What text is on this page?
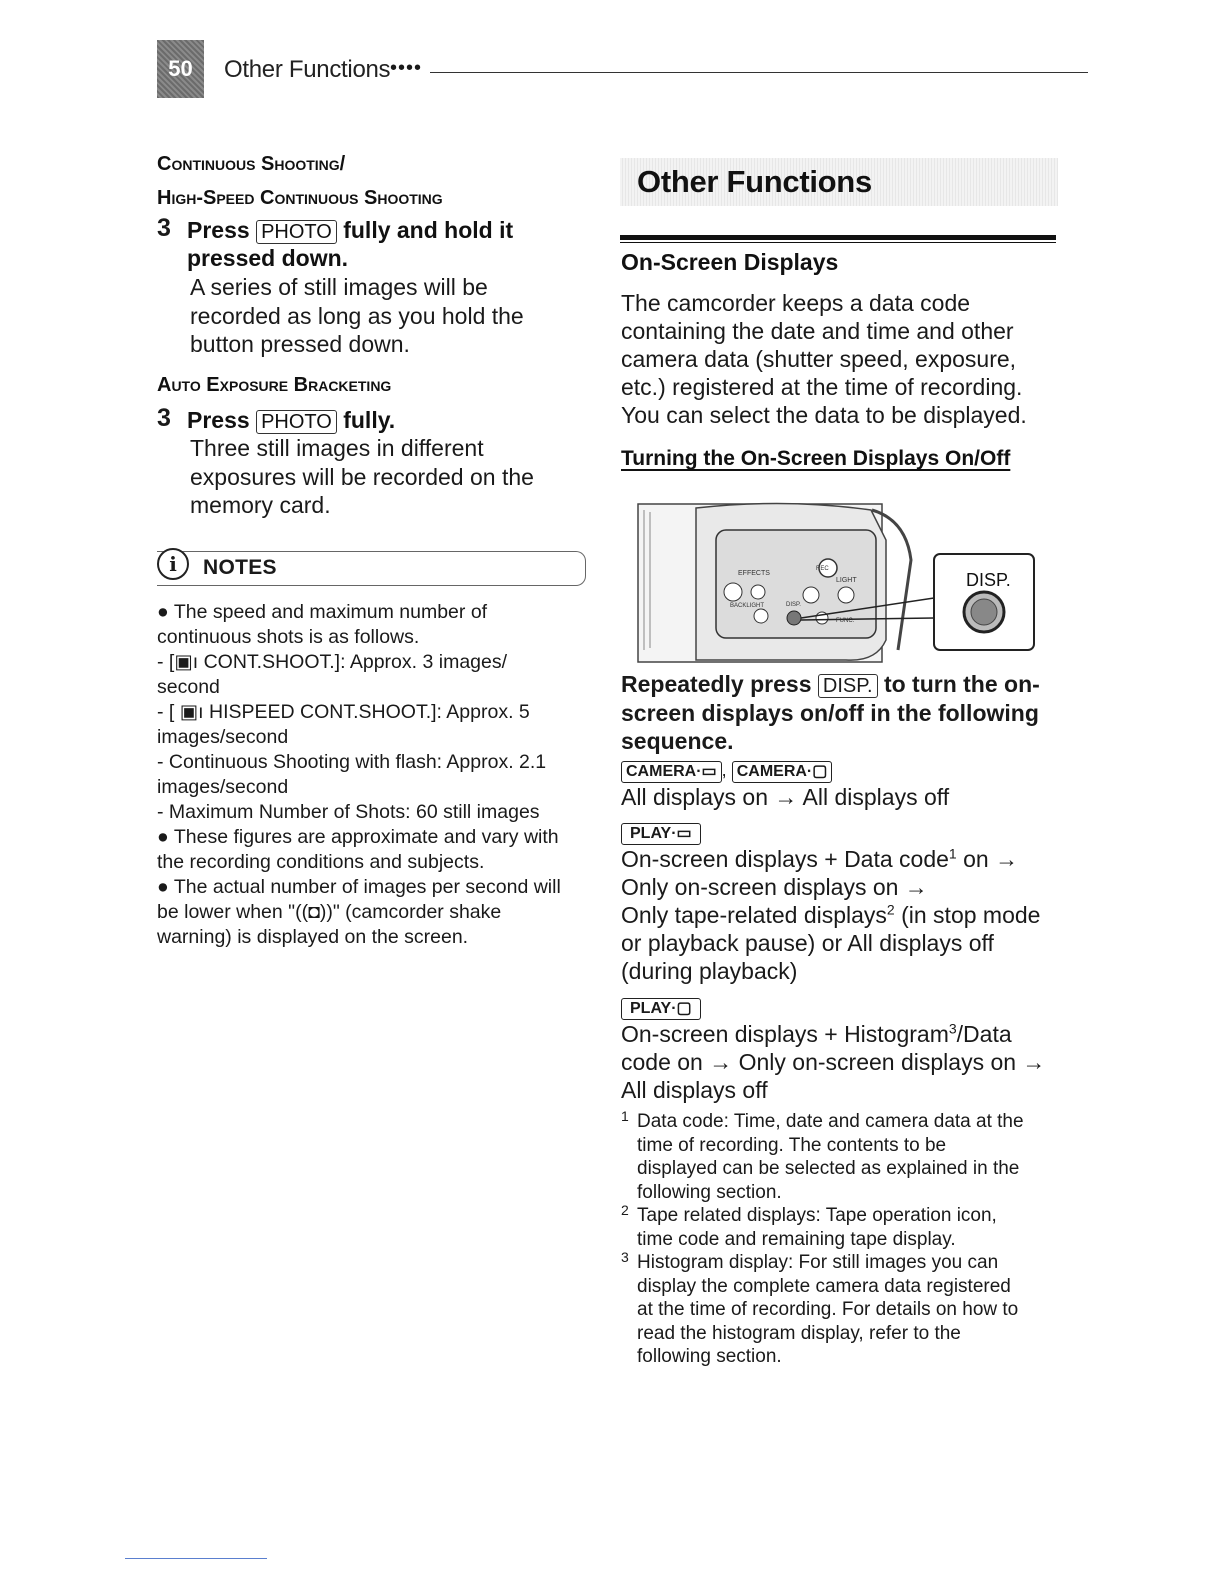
50 Other Functions ••••
Continuous Shooting/
High-Speed Continuous Shooting
3 Press PHOTO fully and hold it
pressed down.
A series of still images will be
recorded as long as you hold the
button pressed down.
Auto Exposure Bracketing
3 Press PHOTO fully.
Three still images in different
exposures will be recorded on the
memory card.
i	NOTES
● The speed and maximum number of
continuous shots is as follows.
- [▣ı CONT.SHOOT.]: Approx. 3 images/
second
- [ ▣ı HISPEED CONT.SHOOT.]: Approx. 5
images/second
- Continuous Shooting with flash: Approx. 2.1
images/second
- Maximum Number of Shots: 60 still images
● These figures are approximate and vary with
the recording conditions and subjects.
● The actual number of images per second will
be lower when "((◘))" (camcorder shake
warning) is displayed on the screen.
Other Functions
On-Screen Displays
The camcorder keeps a data code
containing the date and time and other
camera data (shutter speed, exposure,
etc.) registered at the time of recording.
You can select the data to be displayed.
Turning the On-Screen Displays On/Off
DISP.
EFFECTS
LIGHT
BACKLIGHT	DISP.
REC
FUNC.
Repeatedly press DISP. to turn the on-
screen displays on/off in the following
sequence.
CAMERA·▭ , CAMERA·▢
All displays on → All displays off
PLAY·▭
On-screen displays + Data code$^1$ on →
Only on-screen displays on →
Only tape-related displays$^2$ (in stop mode
or playback pause) or All displays off
(during playback)
PLAY·▢
On-screen displays + Histogram$^3$/Data
code on → Only on-screen displays on →
All displays off
1 Data code: Time, date and camera data at the
time of recording. The contents to be
displayed can be selected as explained in the
following section.
2 Tape related displays: Tape operation icon,
time code and remaining tape display.
3 Histogram display: For still images you can
display the complete camera data registered
at the time of recording. For details on how to
read the histogram display, refer to the
following section.
